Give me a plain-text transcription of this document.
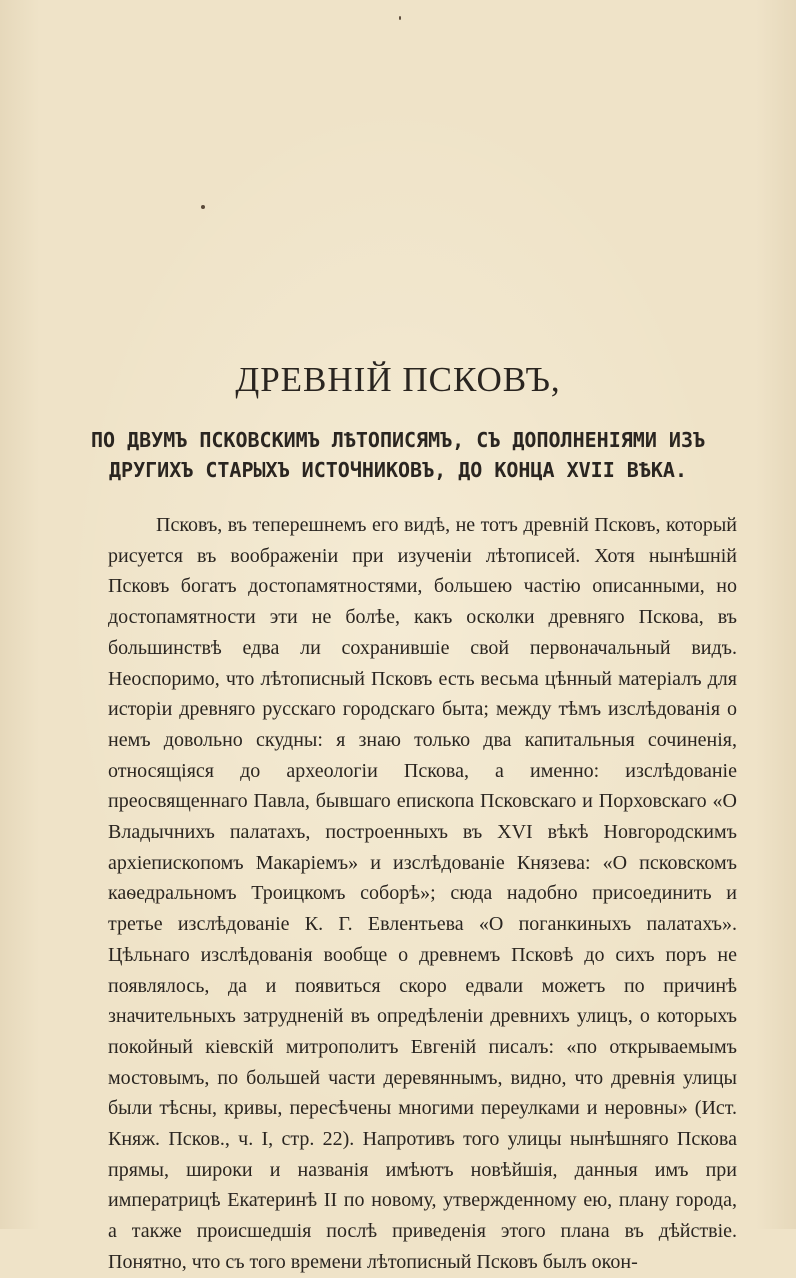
ДРЕВНІЙ ПСКОВЪ,
ПО ДВУМЪ ПСКОВСКИМЪ ЛѢТОПИСЯМЪ, СЪ ДОПОЛНЕНІЯМИ ИЗЪ ДРУГИХЪ СТАРЫХЪ ИСТОЧНИКОВЪ, ДО КОНЦА XVII ВѢКА.

Псковъ, въ теперешнемъ его видѣ, не тотъ древній Псковъ, который рисуется въ воображеніи при изученіи лѣтописей. Хотя нынѣшній Псковъ богатъ достопамятностями, большею частію описанными, но достопамятности эти не болѣе, какъ осколки древняго Пскова, въ большинствѣ едва ли сохранившіе свой первоначальный видъ. Неоспоримо, что лѣтописный Псковъ есть весьма цѣнный матеріалъ для исторіи древняго русскаго городскаго быта; между тѣмъ изслѣдованія о немъ довольно скудны: я знаю только два капитальныя сочиненія, относящіяся до археологіи Пскова, а именно: изслѣдованіе преосвященнаго Павла, бывшаго епископа Псковскаго и Порховскаго «О Владычнихъ палатахъ, построенныхъ въ XVI вѣкѣ Новгородскимъ архіепископомъ Макаріемъ» и изслѣдованіе Князева: «О псковскомъ каѳедральномъ Троицкомъ соборѣ»; сюда надобно присоединить и третье изслѣдованіе К. Г. Евлентьева «О поганкиныхъ палатахъ». Цѣльнаго изслѣдованія вообще о древнемъ Псковѣ до сихъ поръ не появлялось, да и появиться скоро едвали можетъ по причинѣ значительныхъ затрудненій въ опредѣленіи древнихъ улицъ, о которыхъ покойный кіевскій митрополитъ Евгеній писалъ: «по открываемымъ мостовымъ, по большей части деревяннымъ, видно, что древнія улицы были тѣсны, кривы, пересѣчены многими переулками и неровны» (Ист. Княж. Псков., ч. I, стр. 22). Напротивъ того улицы нынѣшняго Пскова прямы, широки и названія имѣютъ новѣйшія, данныя имъ при императрицѣ Екатеринѣ II по новому, утвержденному ею, плану города, а также происшедшія послѣ приведенія этого плана въ дѣйствіе. Понятно, что съ того времени лѣтописный Псковъ былъ окон-
